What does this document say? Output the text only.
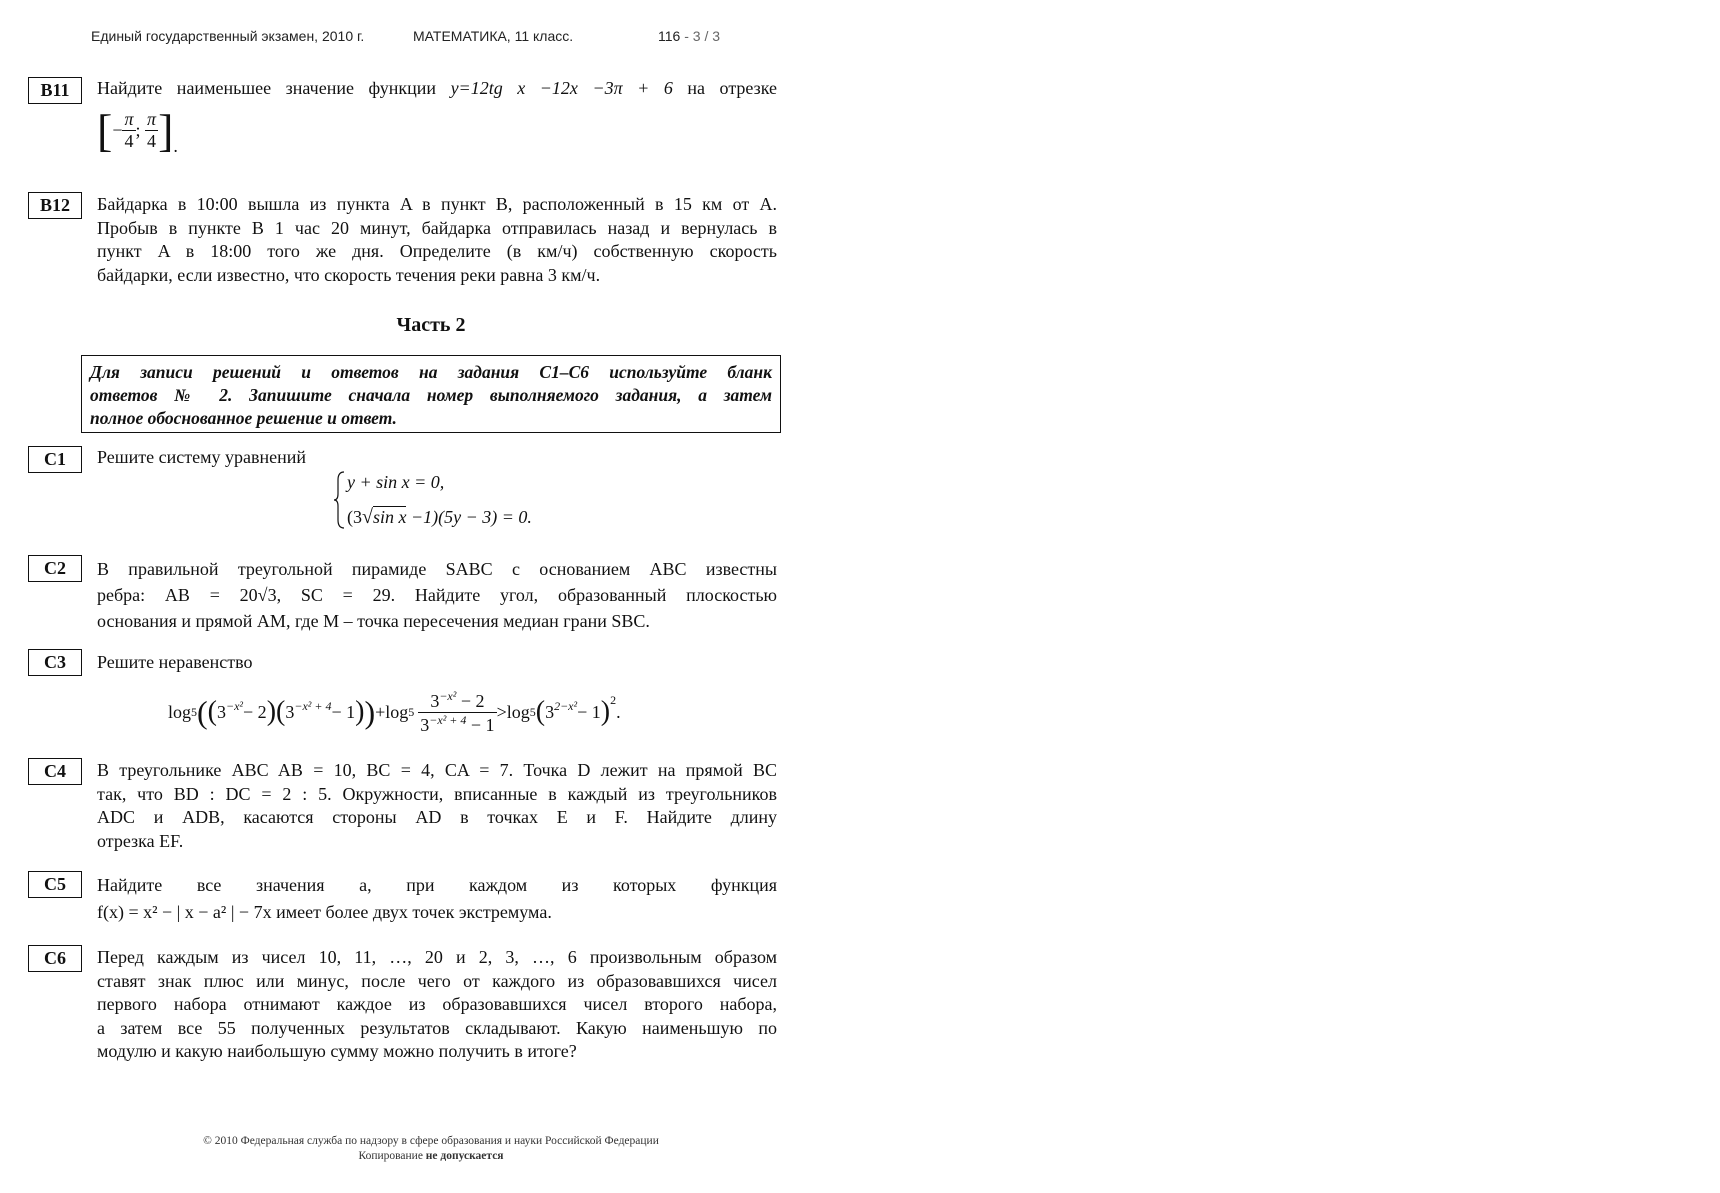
Единый государственный экзамен, 2010 г.	МАТЕМАТИКА, 11 класс.	116 - 3 / 3
B11	Найдите наименьшее значение функции y=12tg x −12x −3π + 6 на отрезке
[− $\frac{\pi}{4}$ ; $\frac{\pi}{4}$ ].
B12	Байдарка в 10:00 вышла из пункта A в пункт B, расположенный в 15 км от A.
Пробыв в пункте B 1 час 20 минут, байдарка отправилась назад и вернулась в
пункт A в 18:00 того же дня. Определите (в км/ч) собственную скорость
байдарки, если известно, что скорость течения реки равна 3 км/ч.
Часть 2
Для записи решений и ответов на задания С1–С6 используйте бланк
ответов № 2. Запишите сначала номер выполняемого задания, а затем
полное обоснованное решение и ответ.
С1	Решите систему уравнений
y + sin x = 0,
(3√sin x −1)(5y − 3) = 0.
С2	В правильной треугольной пирамиде SABC с основанием ABC известны
ребра: AB = 20√3, SC = 29. Найдите угол, образованный плоскостью
основания и прямой AM, где M – точка пересечения медиан грани SBC.
С3	Решите неравенство
log 5 ( ( $3^{-x^2} - 2$ ) ( $3^{-x^2 + 4} - 1$ ) ) + $\log 5 \frac{3^{-x^2} - 2}{3^{-x^2 + 4} - 1} > \log 5$ ( $3^{2-x^2} - 1$ )$^2$
.
С4	В треугольнике ABC AB = 10, BC = 4, CA = 7. Точка D лежит на прямой BC
так, что BD : DC = 2 : 5. Окружности, вписанные в каждый из треугольников
ADC и ADB, касаются стороны AD в точках E и F. Найдите длину
отрезка EF.
С5	Найдите все значения a, при каждом из которых функция
f(x) = x² − | x − a² | − 7x имеет более двух точек экстремума.
С6	Перед каждым из чисел 10, 11, …, 20 и 2, 3, …, 6 произвольным образом
ставят знак плюс или минус, после чего от каждого из образовавшихся чисел
первого набора отнимают каждое из образовавшихся чисел второго набора,
а затем все 55 полученных результатов складывают. Какую наименьшую по
модулю и какую наибольшую сумму можно получить в итоге?
© 2010 Федеральная служба по надзору в сфере образования и науки Российской Федерации
Копирование не допускается
